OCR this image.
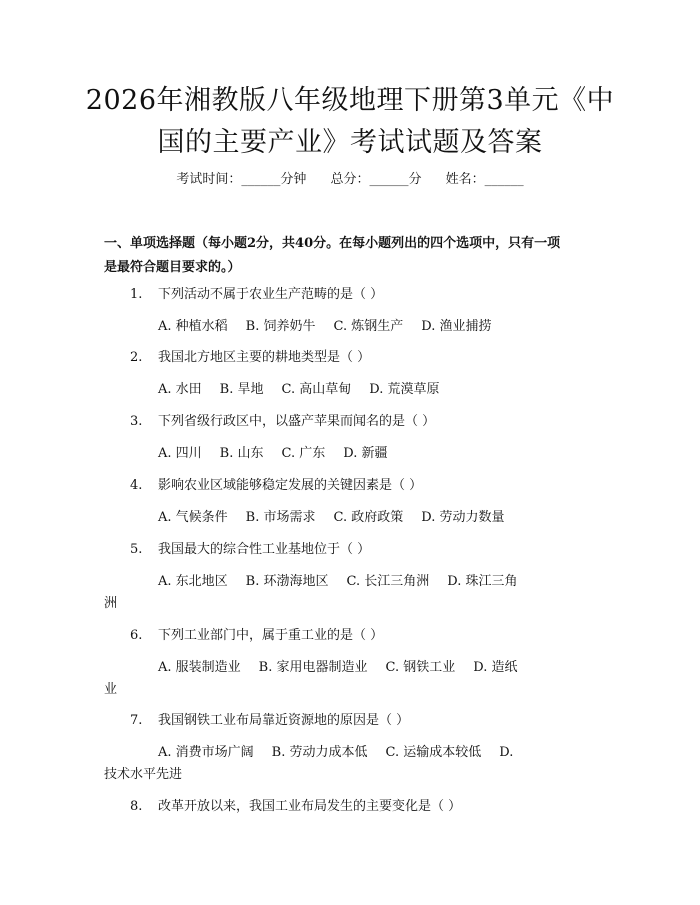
2026年湘教版八年级地理下册第3单元《中
国的主要产业》考试试题及答案
考试时间：______分钟 总分：______分 姓名：______
一、单项选择题（每小题2分，共40分。在每小题列出的四个选项中，只有一项
是最符合题目要求的。）
1. 下列活动不属于农业生产范畴的是（ ）
A. 种植水稻 B. 饲养奶牛 C. 炼钢生产 D. 渔业捕捞
2. 我国北方地区主要的耕地类型是（ ）
A. 水田 B. 旱地 C. 高山草甸 D. 荒漠草原
3. 下列省级行政区中，以盛产苹果而闻名的是（ ）
A. 四川 B. 山东 C. 广东 D. 新疆
4. 影响农业区域能够稳定发展的关键因素是（ ）
A. 气候条件 B. 市场需求 C. 政府政策 D. 劳动力数量
5. 我国最大的综合性工业基地位于（ ）
A. 东北地区 B. 环渤海地区 C. 长江三角洲 D. 珠江三角
洲
6. 下列工业部门中，属于重工业的是（ ）
A. 服装制造业 B. 家用电器制造业 C. 钢铁工业 D. 造纸
业
7. 我国钢铁工业布局靠近资源地的原因是（ ）
A. 消费市场广阔 B. 劳动力成本低 C. 运输成本较低 D.
技术水平先进
8. 改革开放以来，我国工业布局发生的主要变化是（ ）
